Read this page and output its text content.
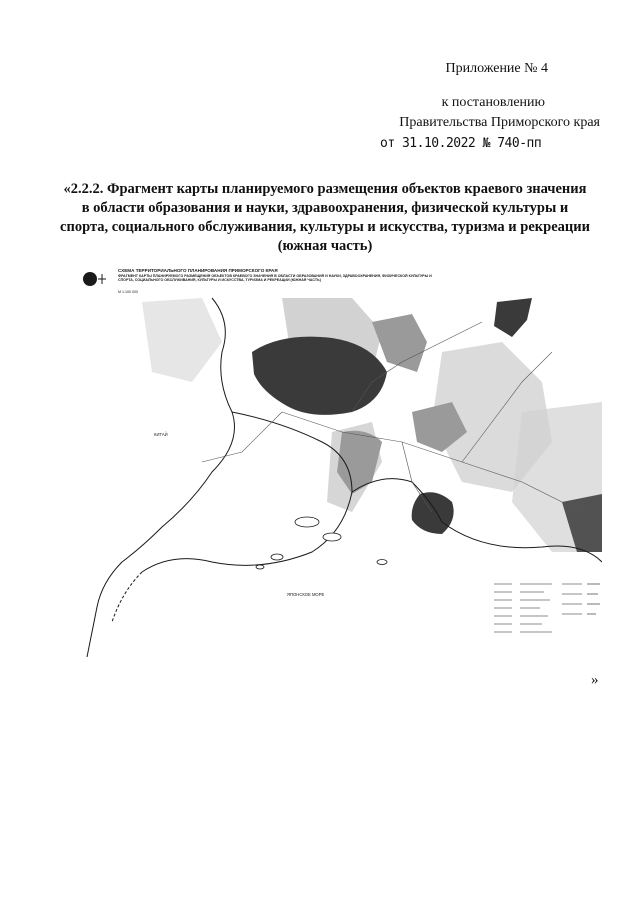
Приложение № 4
к постановлению
Правительства Приморского края
от 31.10.2022 № 740-пп
«2.2.2. Фрагмент карты планируемого размещения объектов краевого значения в области образования и науки, здравоохранения, физической культуры и спорта, социального обслуживания, культуры и искусства, туризма и рекреации (южная часть)
СХЕМА ТЕРРИТОРИАЛЬНОГО ПЛАНИРОВАНИЯ ПРИМОРСКОГО КРАЯ
ФРАГМЕНТ КАРТЫ ПЛАНИРУЕМОГО РАЗМЕЩЕНИЯ ОБЪЕКТОВ КРАЕВОГО ЗНАЧЕНИЯ В ОБЛАСТИ ОБРАЗОВАНИЯ И НАУКИ, ЗДРАВООХРАНЕНИЯ, ФИЗИЧЕСКОЙ КУЛЬТУРЫ И СПОРТА, СОЦИАЛЬНОГО ОБСЛУЖИВАНИЯ, КУЛЬТУРЫ И ИСКУССТВА, ТУРИЗМА И РЕКРЕАЦИИ (ЮЖНАЯ ЧАСТЬ)
М 1:100 000
КИТАЙ
ЯПОНСКОЕ МОРЕ
»
